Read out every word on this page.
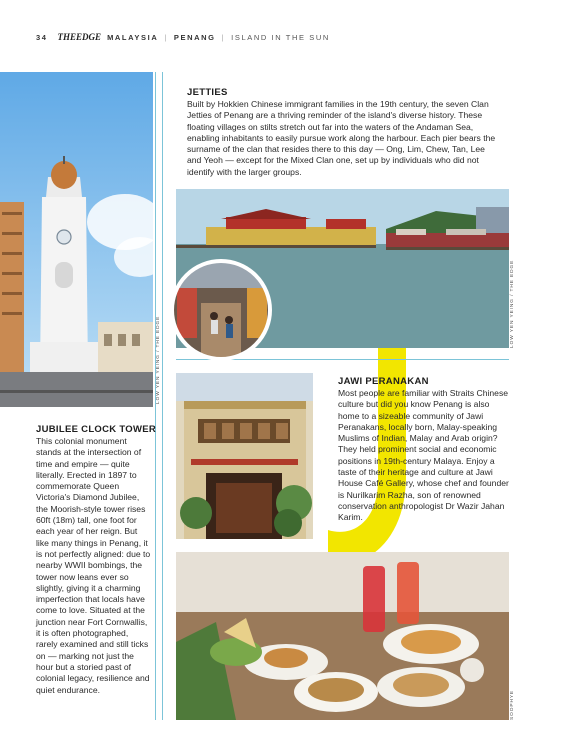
34 THEEDGE MALAYSIA | PENANG | ISLAND IN THE SUN
LOW YEN YEING / THE EDGE
JETTIES
Built by Hokkien Chinese immigrant families in the 19th century, the seven Clan Jetties of Penang are a thriving reminder of the island's diverse history. These floating villages on stilts stretch out far into the waters of the Andaman Sea, enabling inhabitants to easily pursue work along the harbour. Each pier bears the surname of the clan that resides there to this day — Ong, Lim, Chew, Tan, Lee and Yeoh — except for the Mixed Clan one, set up by individuals who did not identify with the larger groups.
LOW YEN YEING / THE EDGE
JAWI PERANAKAN
Most people are familiar with Straits Chinese culture but did you know Penang is also home to a sizeable community of Jawi Peranakans, locally born, Malay-speaking Muslims of Indian, Malay and Arab origin? They held prominent social and economic positions in 19th-century Malaya. Enjoy a taste of their heritage and culture at Jawi House Café Gallery, whose chef and founder is Nurilkarim Razha, son of renowned conservation anthropologist Dr Wazir Jahan Karim.
SOOPHYE
JUBILEE CLOCK TOWER
This colonial monument stands at the intersection of time and empire — quite literally. Erected in 1897 to commemorate Queen Victoria's Diamond Jubilee, the Moorish-style tower rises 60ft (18m) tall, one foot for each year of her reign. But like many things in Penang, it is not perfectly aligned: due to nearby WWII bombings, the tower now leans ever so slightly, giving it a charming imperfection that locals have come to love. Situated at the junction near Fort Cornwallis, it is often photographed, rarely examined and still ticks on — marking not just the hour but a storied past of colonial legacy, resilience and quiet endurance.
